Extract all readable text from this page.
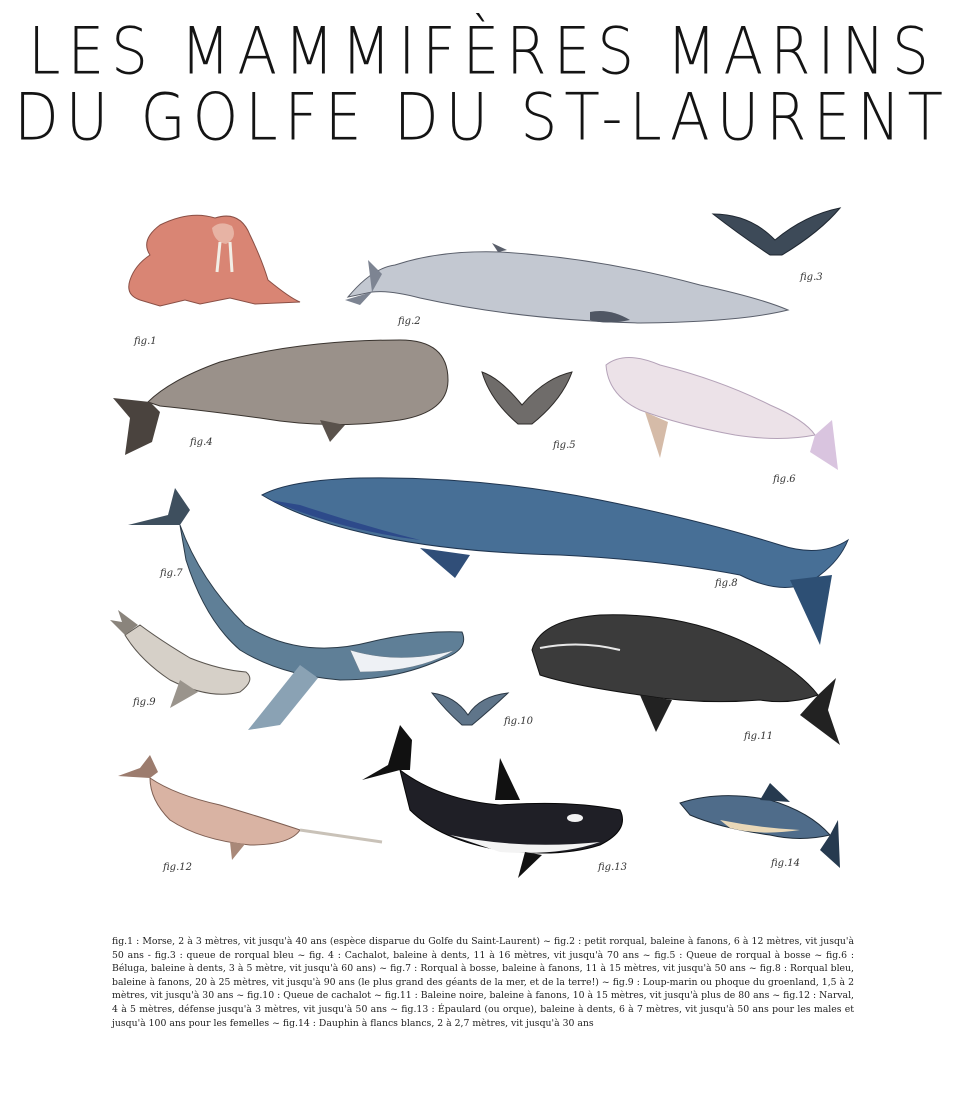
LES MAMMIFÈRES MARINS
DU GOLFE DU ST-LAURENT
fig.1
fig.2
fig.3
fig.4	fig.5
fig.6
fig.8
fig.7
fig.9
fig.10
fig.11
fig.12	fig.13	fig.14
fig.1 : Morse, 2 à 3 mètres, vit jusqu'à 40 ans (espèce disparue du Golfe du Saint-Laurent) ~ fig.2 : petit rorqual, baleine à fanons, 6 à 12 mètres, vit jusqu'à 50 ans - fig.3 : queue de rorqual bleu ~ fig. 4 : Cachalot, baleine à dents, 11 à 16 mètres, vit jusqu'à 70 ans ~ fig.5 : Queue de rorqual à bosse ~ fig.6 : Béluga, baleine à dents, 3 à 5 mètre, vit jusqu'à 60 ans) ~ fig.7 : Rorqual à bosse, baleine à fanons, 11 à 15 mètres, vit jusqu'à 50 ans ~ fig.8 : Rorqual bleu, baleine à fanons, 20 à 25 mètres, vit jusqu'à 90 ans (le plus grand des géants de la mer, et de la terre!) ~ fig.9 : Loup-marin ou phoque du groenland, 1,5 à 2 mètres, vit jusqu'à 30 ans ~ fig.10 : Queue de cachalot ~ fig.11 : Baleine noire, baleine à fanons, 10 à 15 mètres, vit jusqu'à plus de 80 ans ~ fig.12 : Narval, 4 à 5 mètres, défense jusqu'à 3 mètres, vit jusqu'à 50 ans ~ fig.13 : Épaulard (ou orque), baleine à dents, 6 à 7 mètres, vit jusqu'à 50 ans pour les males et jusqu'à 100 ans pour les femelles ~ fig.14 : Dauphin à flancs blancs, 2 à 2,7 mètres, vit jusqu'à 30 ans
